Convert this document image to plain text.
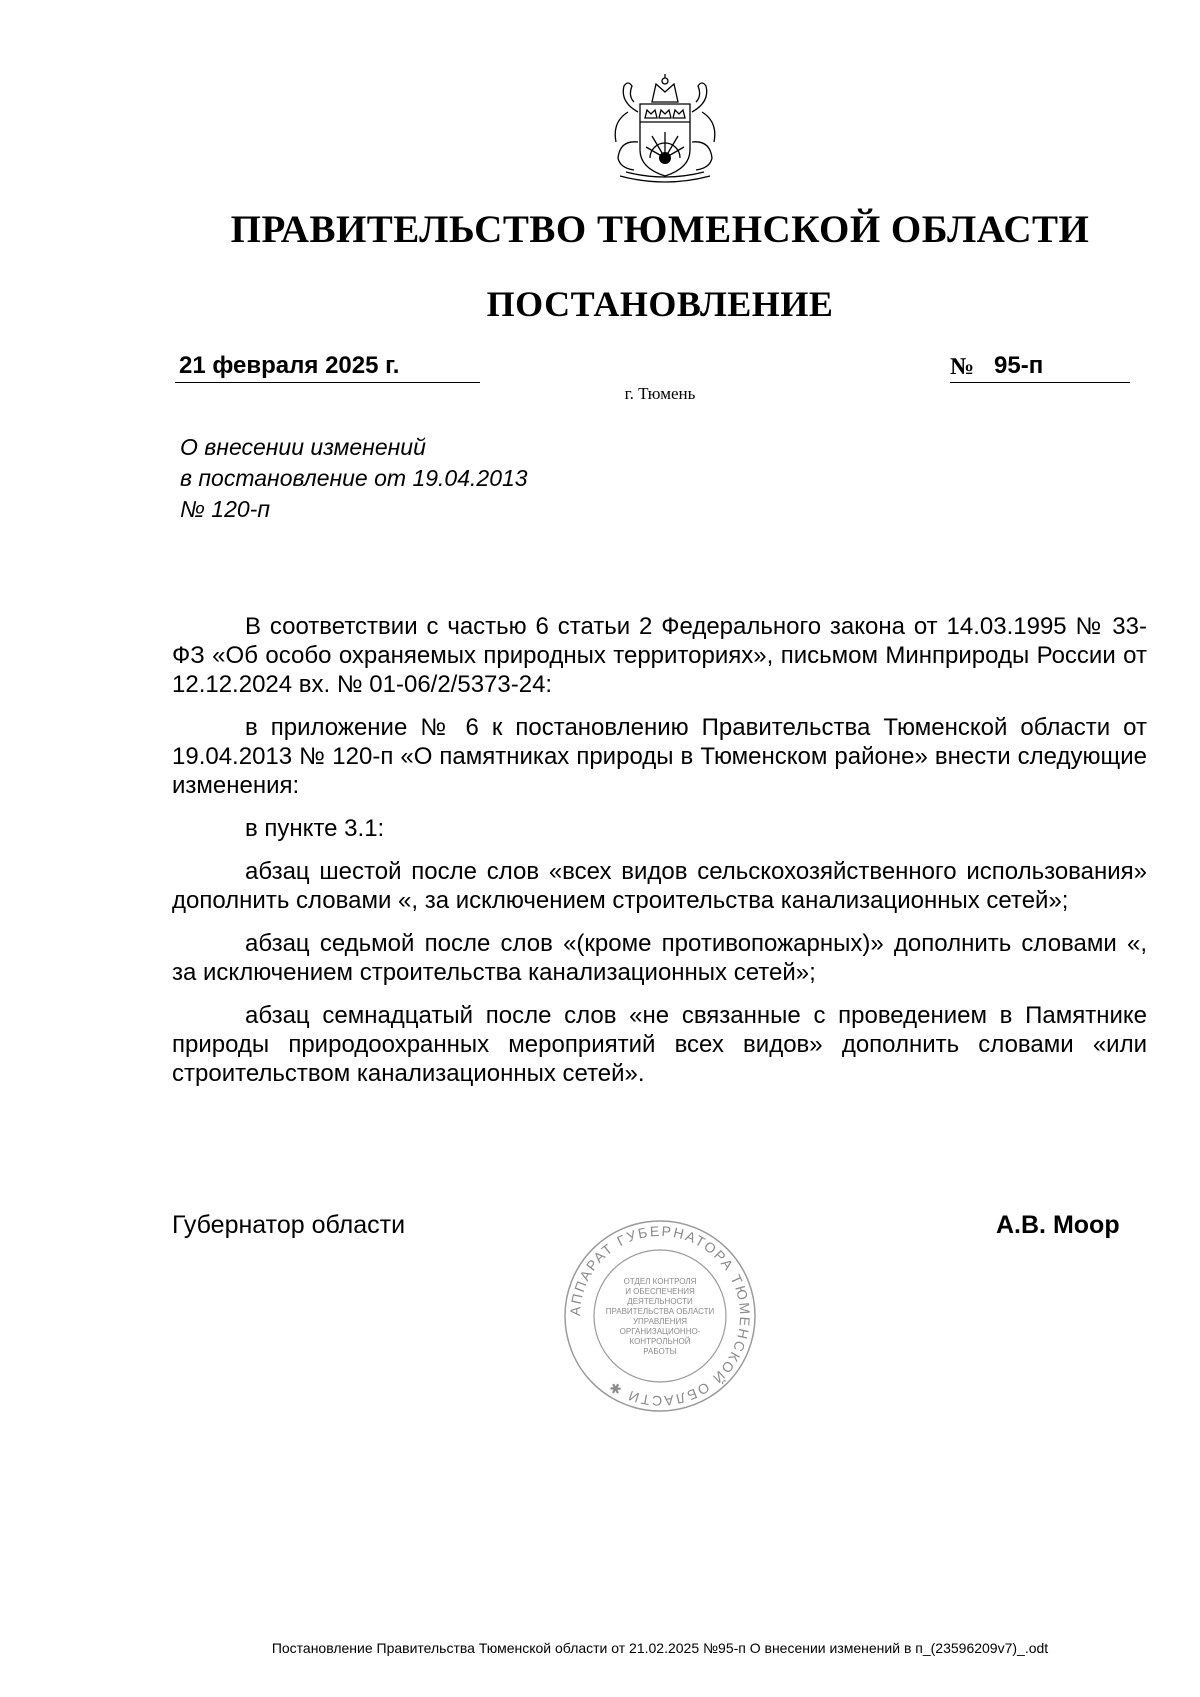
ПРАВИТЕЛЬСТВО ТЮМЕНСКОЙ ОБЛАСТИ
ПОСТАНОВЛЕНИЕ
21 февраля 2025 г.	№ 95-п
г. Тюмень
О внесении изменений
в постановление от 19.04.2013
№ 120-п

В соответствии с частью 6 статьи 2 Федерального закона от 14.03.1995 № 33-ФЗ «Об особо охраняемых природных территориях», письмом Минприроды России от 12.12.2024 вх. № 01-06/2/5373-24:

в приложение № 6 к постановлению Правительства Тюменской области от 19.04.2013 № 120-п «О памятниках природы в Тюменском районе» внести следующие изменения:

в пункте 3.1:

абзац шестой после слов «всех видов сельскохозяйственного использования» дополнить словами «, за исключением строительства канализационных сетей»;

абзац седьмой после слов «(кроме противопожарных)» дополнить словами «, за исключением строительства канализационных сетей»;

абзац семнадцатый после слов «не связанные с проведением в Памятнике природы природоохранных мероприятий всех видов» дополнить словами «или строительством канализационных сетей».

Губернатор области	А.В. Моор
АППАРАТ ГУБЕРНАТОРА ТЮМЕНСКОЙ ОБЛАСТИ ✱
ОТДЕЛ КОНТРОЛЯ
И ОБЕСПЕЧЕНИЯ
ДЕЯТЕЛЬНОСТИ
ПРАВИТЕЛЬСТВА ОБЛАСТИ
УПРАВЛЕНИЯ
ОРГАНИЗАЦИОННО-
КОНТРОЛЬНОЙ
РАБОТЫ
Постановление Правительства Тюменской области от 21.02.2025 №95-п О внесении изменений в п_(23596209v7)_.odt
